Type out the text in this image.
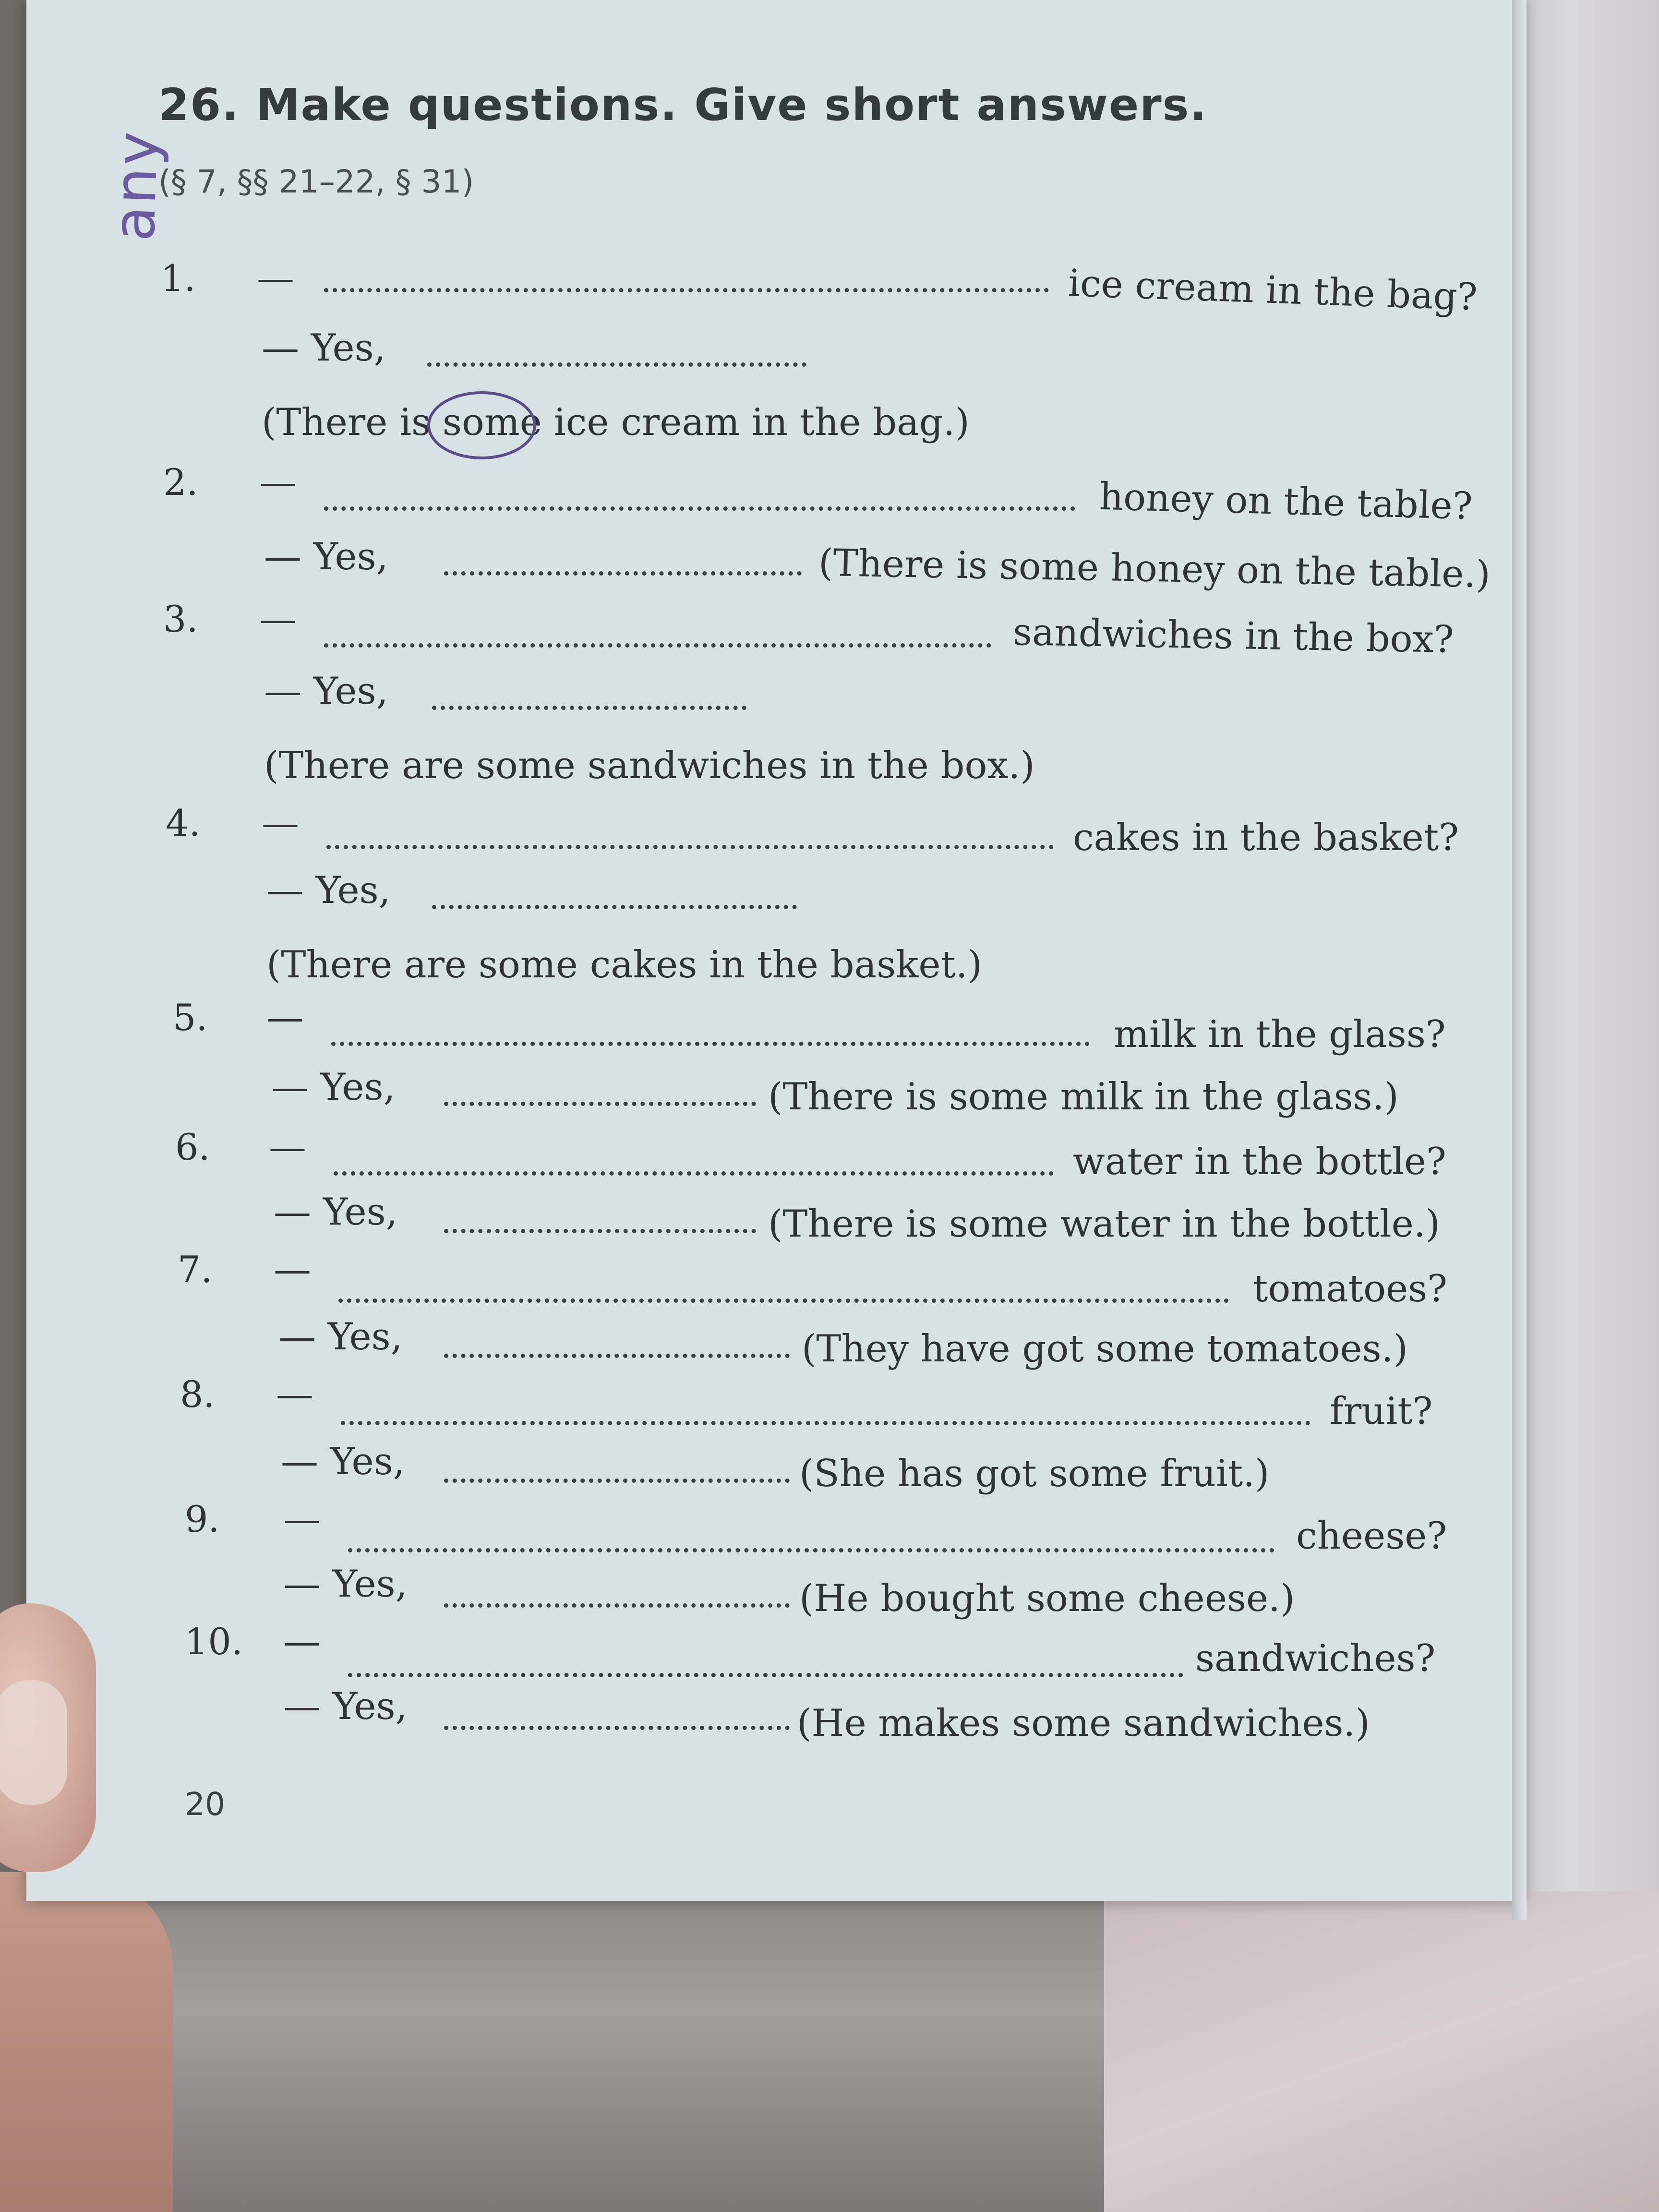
26. Make questions. Give short answers.
(§ 7, §§ 21–22, § 31)
any
1. —	ice cream in the bag?
— Yes,
(There is some ice cream in the bag.)
2. —	honey on the table?
— Yes,	(There is some honey on the table.)
3. —	sandwiches in the box?
— Yes,
(There are some sandwiches in the box.)
4. —	cakes in the basket?
— Yes,
(There are some cakes in the basket.)
5. —	milk in the glass?
— Yes,	(There is some milk in the glass.)
6. —	water in the bottle?
— Yes,	(There is some water in the bottle.)
7. —	tomatoes?
— Yes,	(They have got some tomatoes.)
8. —	fruit?
— Yes,	(She has got some fruit.)
9. —	cheese?
— Yes,	(He bought some cheese.)
10. —	sandwiches?
— Yes,	(He makes some sandwiches.)
20
